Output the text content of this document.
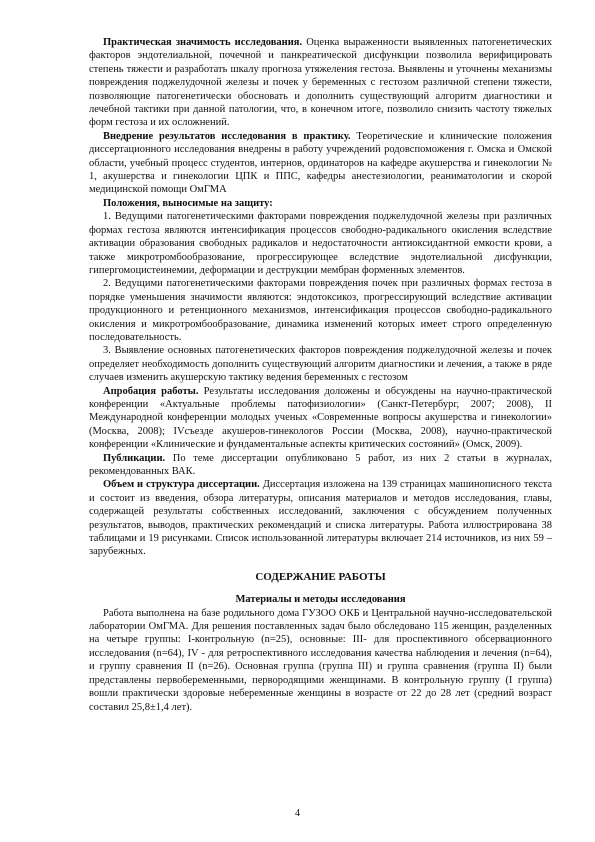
Практическая значимость исследования. Оценка выраженности выявленных патогенетических факторов эндотелиальной, почечной и панкреатической дисфункции позволила верифицировать степень тяжести и разработать шкалу прогноза утяжеления гестоза. Выявлены и уточнены механизмы повреждения поджелудочной железы и почек у беременных с гестозом различной степени тяжести, позволяющие патогенетически обосновать и дополнить существующий алгоритм диагностики и лечебной тактики при данной патологии, что, в конечном итоге, позволило снизить частоту тяжелых форм гестоза и их осложнений.

Внедрение результатов исследования в практику. Теоретические и клинические положения диссертационного исследования внедрены в работу учреждений родовспоможения г. Омска и Омской области, учебный процесс студентов, интернов, ординаторов на кафедре акушерства и гинекологии № 1, акушерства и гинекологии ЦПК и ППС, кафедры анестезиологии, реаниматологии и скорой медицинской помощи ОмГМА

Положения, выносимые на защиту:

1. Ведущими патогенетическими факторами повреждения поджелудочной железы при различных формах гестоза являются интенсификация процессов свободно-радикального окисления вследствие активации образования свободных радикалов и недостаточности антиоксидантной емкости крови, а также микротромбообразование, прогрессирующее вследствие эндотелиальной дисфункции, гипергомоцистеинемии, деформации и деструкции мембран форменных элементов.

2. Ведущими патогенетическими факторами повреждения почек при различных формах гестоза в порядке уменьшения значимости являются: эндотоксикоз, прогрессирующий вследствие активации продукционного и ретенционного механизмов, интенсификация процессов свободно-радикального окисления и микротромбообразование, динамика изменений которых имеет строго определенную последовательность.

3. Выявление основных патогенетических факторов повреждения поджелудочной железы и почек определяет необходимость дополнить существующий алгоритм диагностики и лечения, а также в ряде случаев изменить акушерскую тактику ведения беременных с гестозом

Апробация работы. Результаты исследования доложены и обсуждены на научно-практической конференции «Актуальные проблемы патофизиологии» (Санкт-Петербург, 2007; 2008), II Международной конференции молодых ученых «Современные вопросы акушерства и гинекологии» (Москва, 2008); IVсъезде акушеров-гинекологов России (Москва, 2008), научно-практической конференции «Клинические и фундаментальные аспекты критических состояний» (Омск, 2009).

Публикации. По теме диссертации опубликовано 5 работ, из них 2 статьи в журналах, рекомендованных ВАК.

Объем и структура диссертации. Диссертация изложена на 139 страницах машинописного текста и состоит из введения, обзора литературы, описания материалов и методов исследования, главы, содержащей результаты собственных исследований, заключения с обсуждением полученных результатов, выводов, практических рекомендаций и списка литературы. Работа иллюстрирована 38 таблицами и 19 рисунками. Список использованной литературы включает 214 источников, из них 59 – зарубежных.

СОДЕРЖАНИЕ РАБОТЫ
Материалы и методы исследования

Работа выполнена на базе родильного дома ГУЗОО ОКБ и Центральной научно-исследовательской лаборатории ОмГМА. Для решения поставленных задач было обследовано 115 женщин, разделенных на четыре группы: I-контрольную (n=25), основные: III- для проспективного обсервационного исследования (n=64), IV - для ретроспективного исследования качества наблюдения и лечения (n=64), и группу сравнения II (n=26). Основная группа (группа III) и группа сравнения (группа II) были представлены первобеременными, первородящими женщинами. В контрольную группу (I группа) вошли практически здоровые небеременные женщины в возрасте от 22 до 28 лет (средний возраст составил 25,8±1,4 лет).

4
